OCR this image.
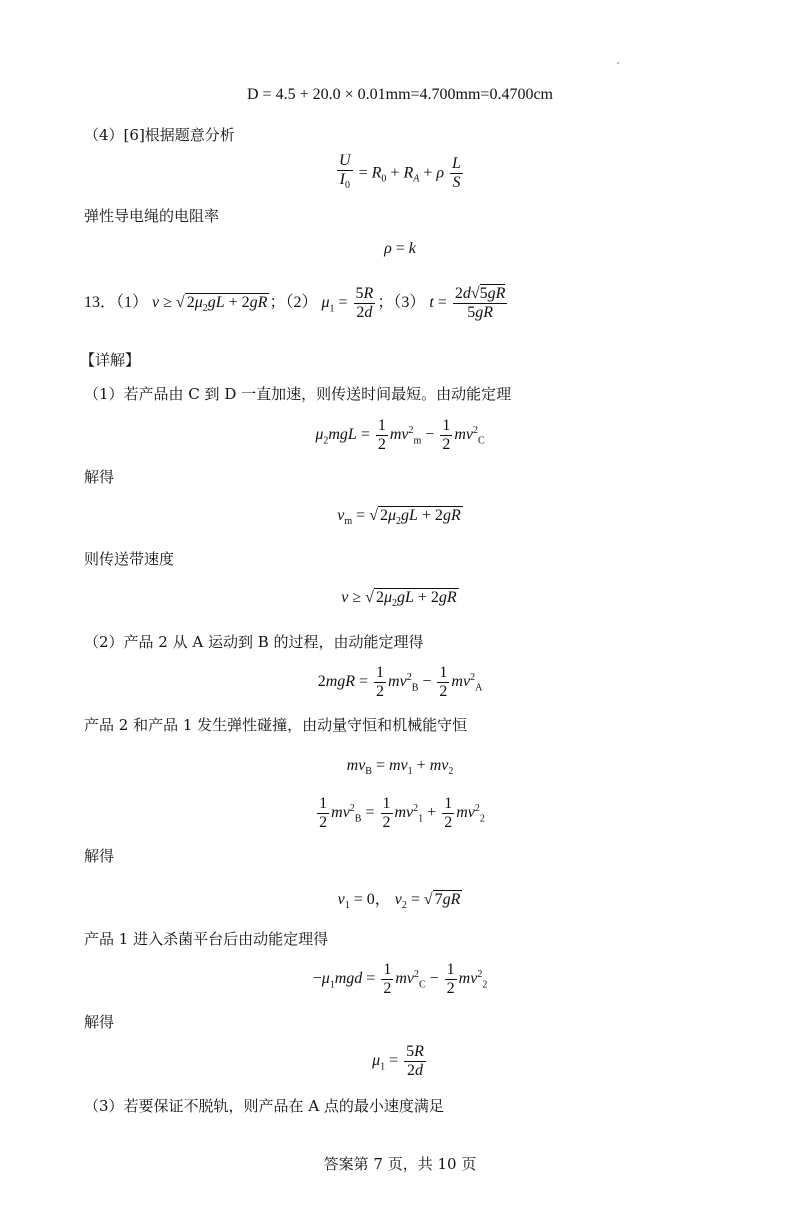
D = 4.5 + 20.0 × 0.01mm=4.700mm=0.4700cm
（4）[6]根据题意分析
$\frac{U}{I_0} = R_0 + R_A + \rho \frac{L}{S}$
弹性导电绳的电阻率
ρ = k
13．（1） v ≥ √ $2\mu_2gL + 2gR$ ；（2） $\mu_1 = \frac{5R}{2d}$ ；（3） $t = \frac{2d√5gR}{5gR}$
【详解】
（1）若产品由 C 到 D 一直加速，则传送时间最短。由动能定理
$\mu_2mgL = \frac{1}{2} mv^2_m - \frac{1}{2} mv^2_C$
解得
$v_m$ = √ $2\mu_2gL + 2gR$
则传送带速度
v ≥ √ $2\mu_2gL + 2gR$
（2）产品 2 从 A 运动到 B 的过程，由动能定理得
$2mgR = \frac{1}{2} mv^2_B - \frac{1}{2} mv^2_A$
产品 2 和产品 1 发生弹性碰撞，由动量守恒和机械能守恒
$mv_B = mv_1 + mv_2$
$\frac{1}{2} mv^2_B = \frac{1}{2} mv^2_1 + \frac{1}{2} mv^2_2$
解得
$v_1 = 0$， $v_2$ = √ 7gR
产品 1 进入杀菌平台后由动能定理得
$-\mu_1mgd = \frac{1}{2} mv^2_C - \frac{1}{2} mv^2_2$
解得
$\mu_1 = \frac{5R}{2d}$
（3）若要保证不脱轨，则产品在 A 点的最小速度满足
答案第 7 页，共 10 页
